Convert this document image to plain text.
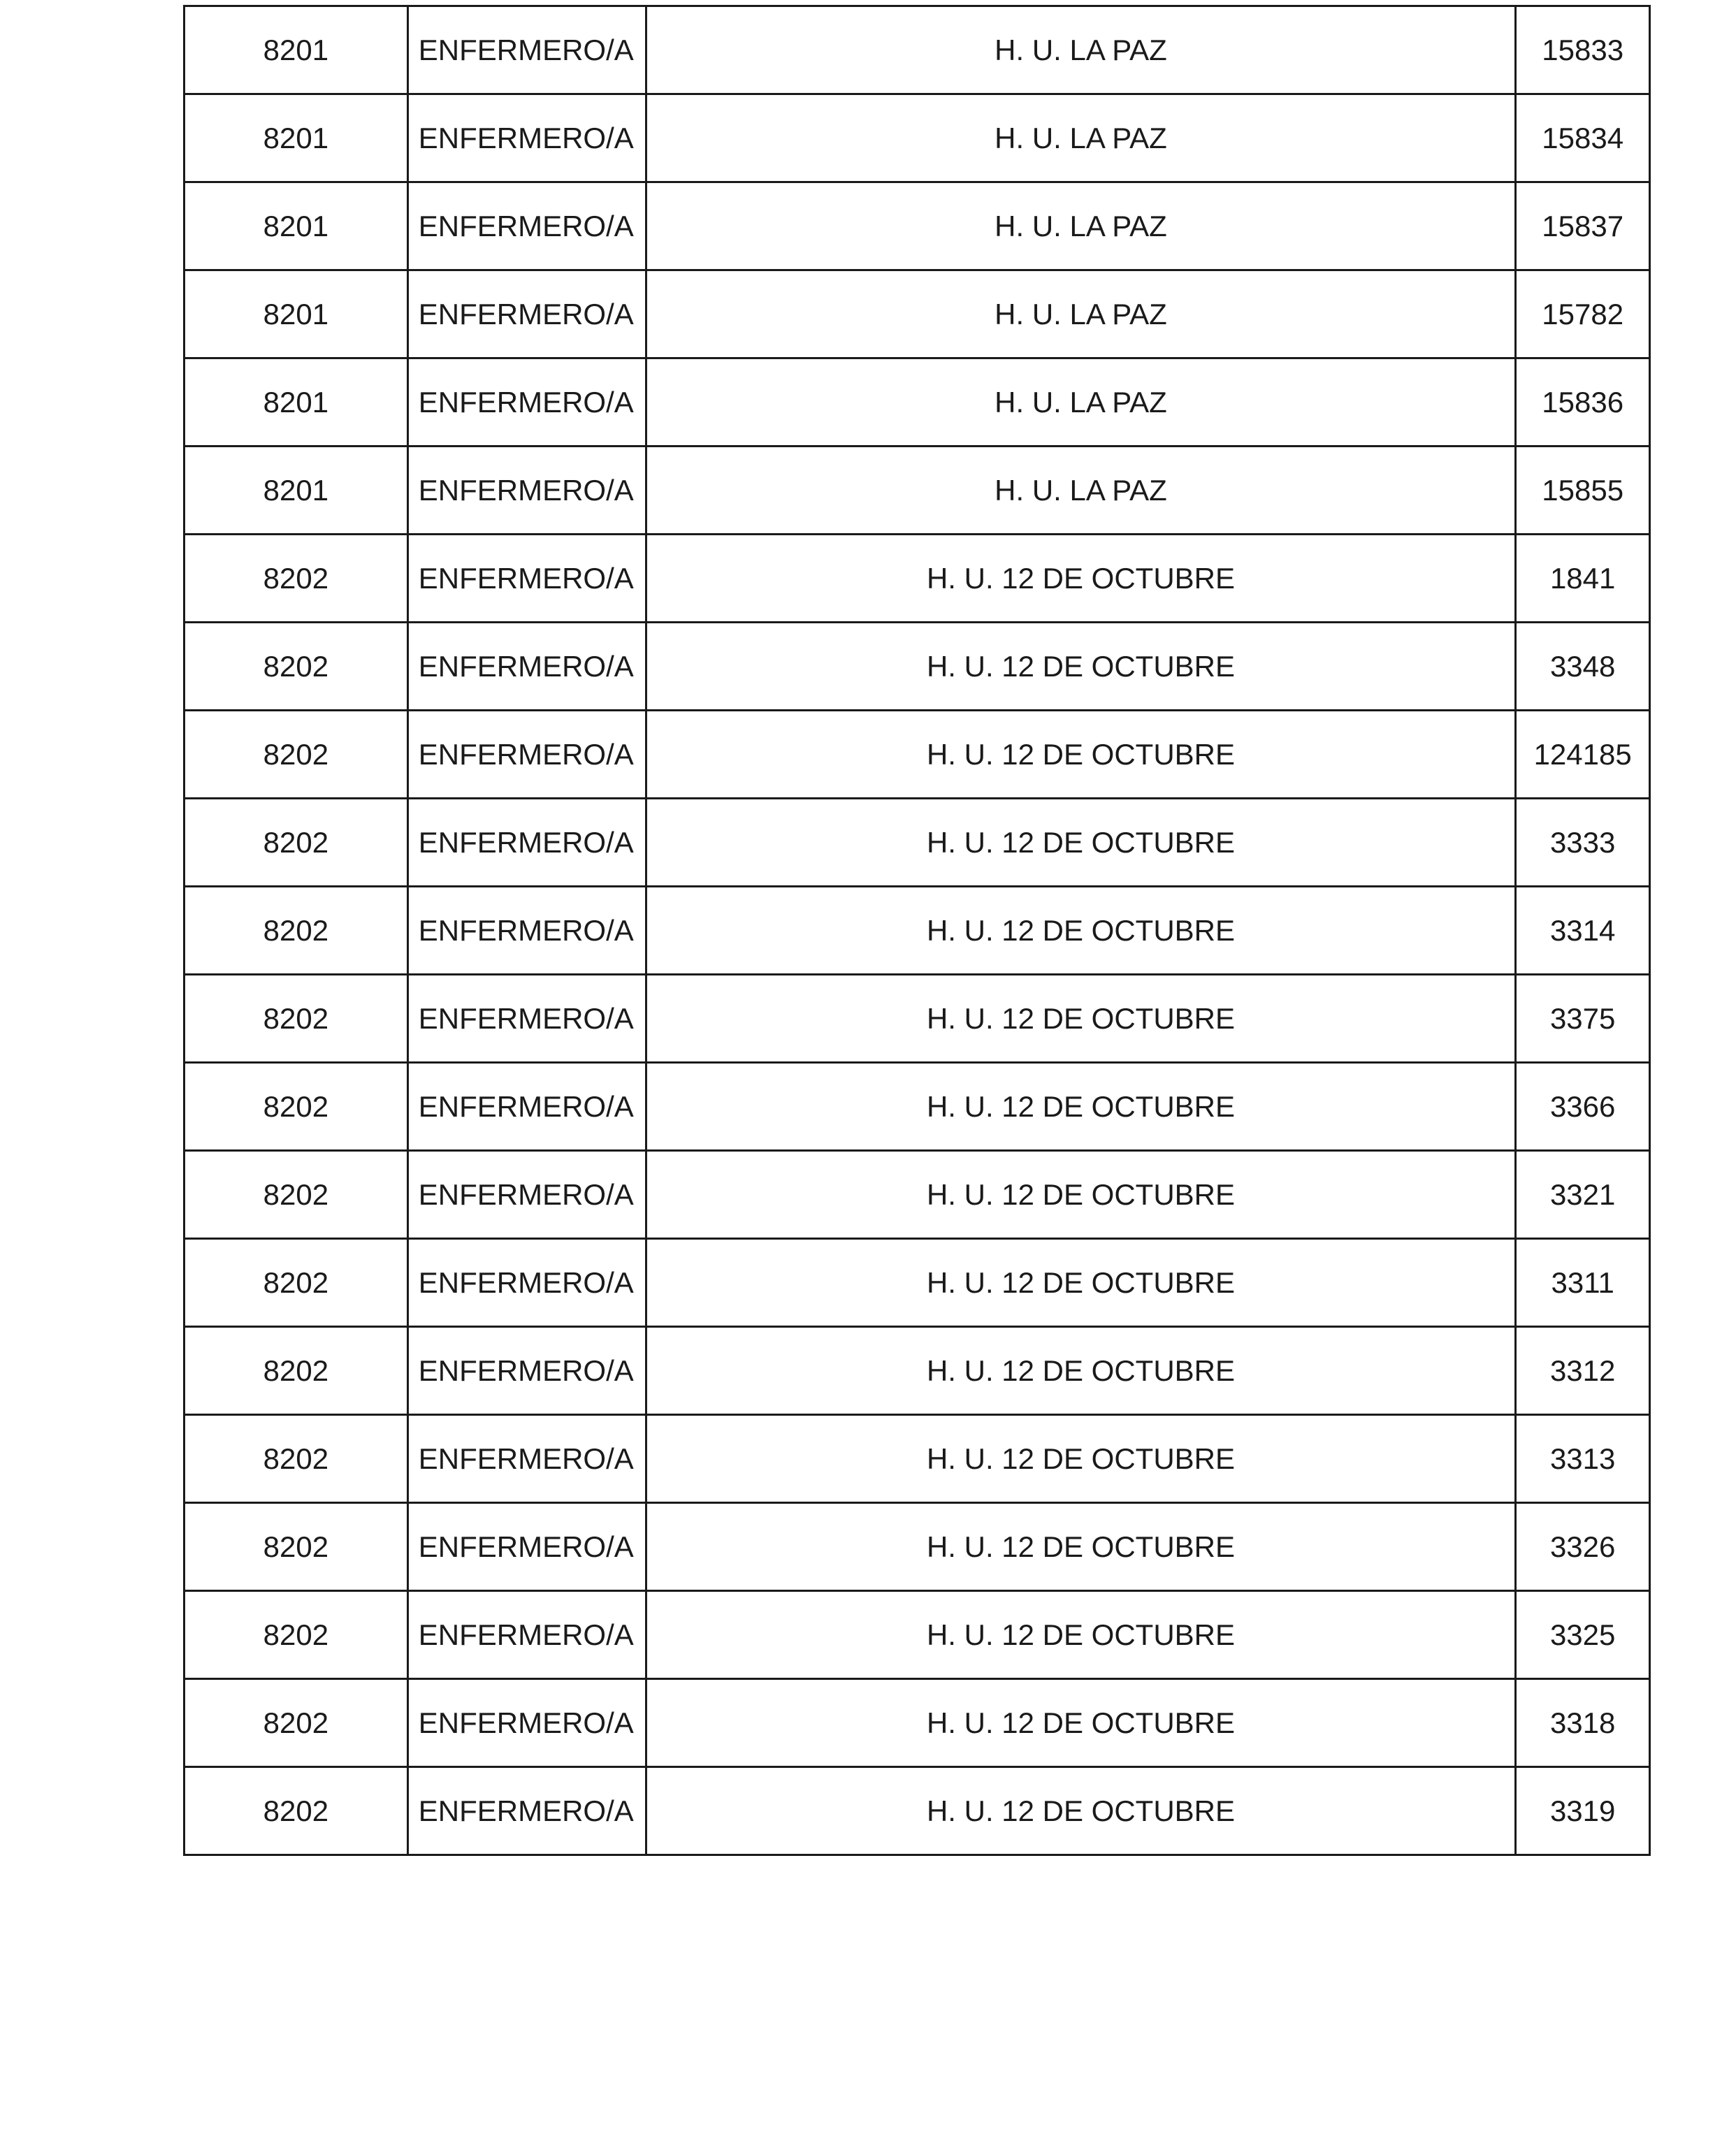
8201	ENFERMERO/A	H. U. LA PAZ	15833
8201	ENFERMERO/A	H. U. LA PAZ	15834
8201	ENFERMERO/A	H. U. LA PAZ	15837
8201	ENFERMERO/A	H. U. LA PAZ	15782
8201	ENFERMERO/A	H. U. LA PAZ	15836
8201	ENFERMERO/A	H. U. LA PAZ	15855
8202	ENFERMERO/A	H. U. 12 DE OCTUBRE	1841
8202	ENFERMERO/A	H. U. 12 DE OCTUBRE	3348
8202	ENFERMERO/A	H. U. 12 DE OCTUBRE	124185
8202	ENFERMERO/A	H. U. 12 DE OCTUBRE	3333
8202	ENFERMERO/A	H. U. 12 DE OCTUBRE	3314
8202	ENFERMERO/A	H. U. 12 DE OCTUBRE	3375
8202	ENFERMERO/A	H. U. 12 DE OCTUBRE	3366
8202	ENFERMERO/A	H. U. 12 DE OCTUBRE	3321
8202	ENFERMERO/A	H. U. 12 DE OCTUBRE	3311
8202	ENFERMERO/A	H. U. 12 DE OCTUBRE	3312
8202	ENFERMERO/A	H. U. 12 DE OCTUBRE	3313
8202	ENFERMERO/A	H. U. 12 DE OCTUBRE	3326
8202	ENFERMERO/A	H. U. 12 DE OCTUBRE	3325
8202	ENFERMERO/A	H. U. 12 DE OCTUBRE	3318
8202	ENFERMERO/A	H. U. 12 DE OCTUBRE	3319
